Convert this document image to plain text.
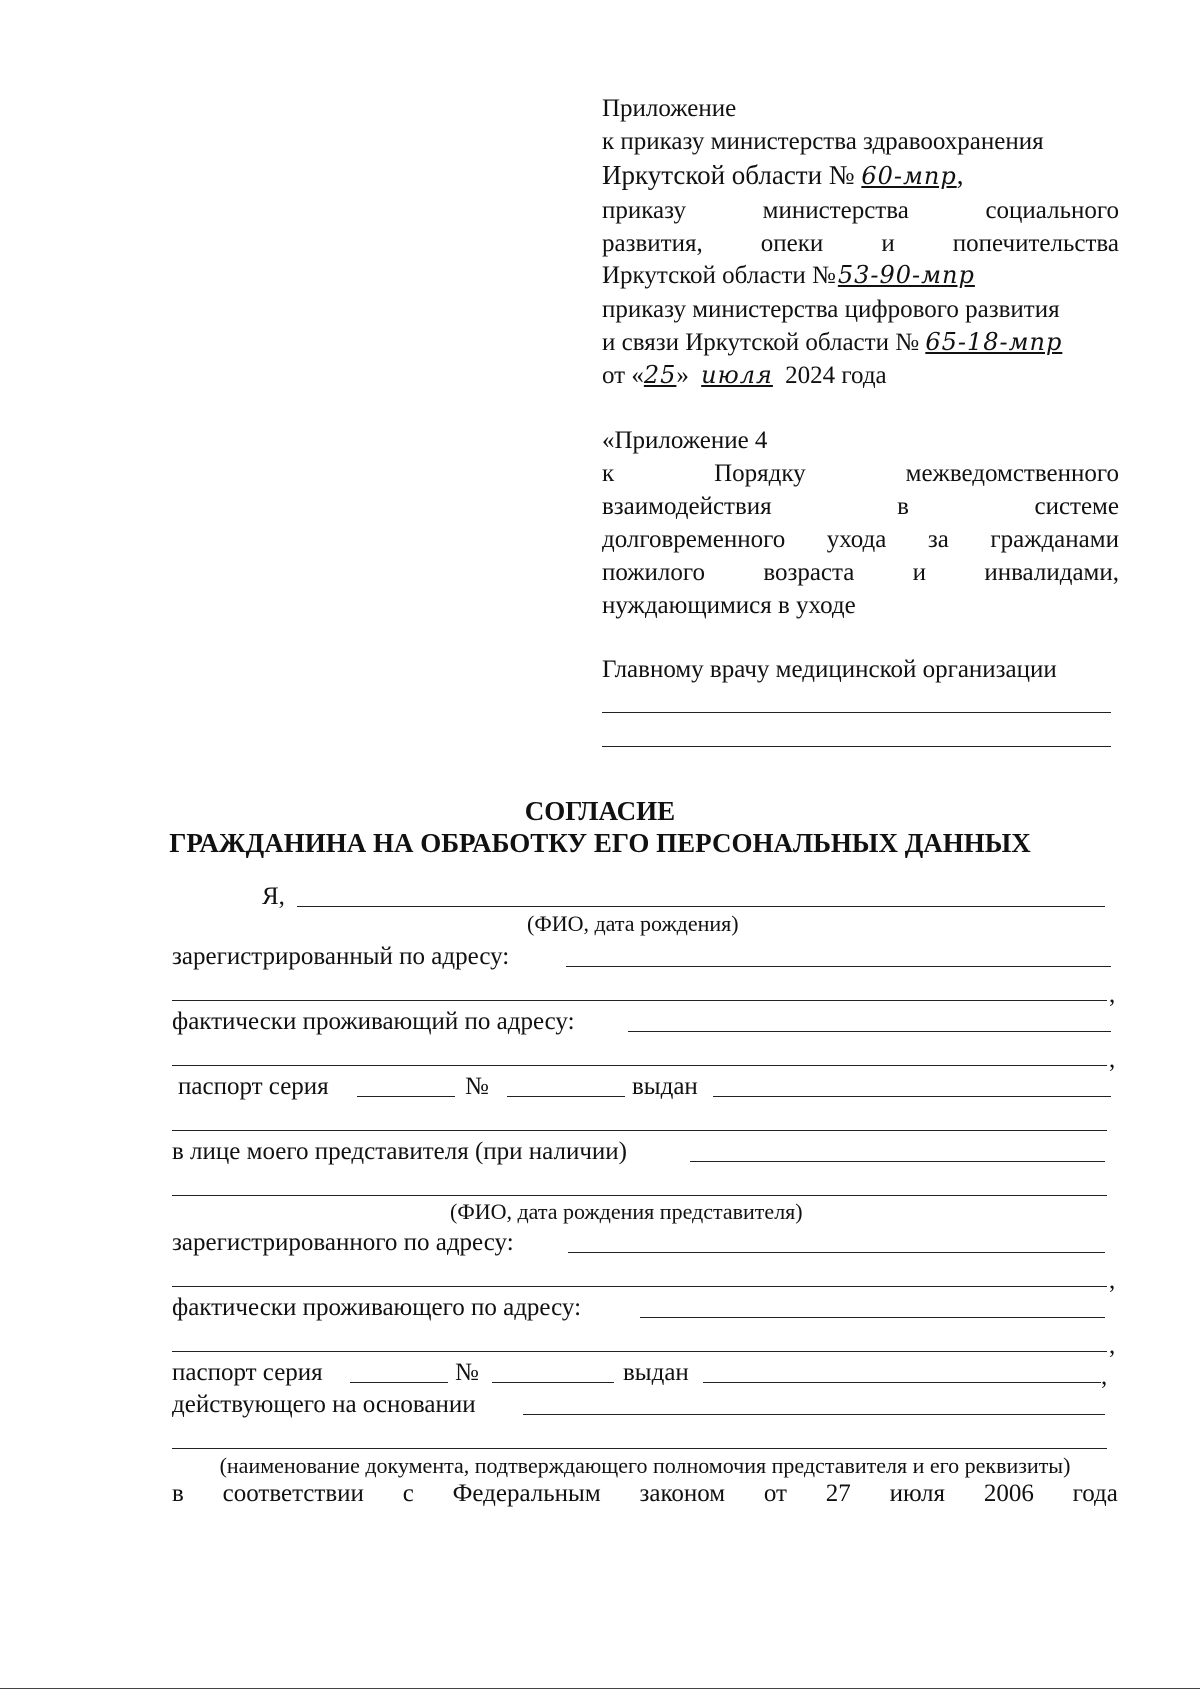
Приложение
к приказу министерства здравоохранения
Иркутской области № 60-мпр,
приказу	министерства	социального
развития, опеки и попечительства
Иркутской области №53-90-мпр
приказу министерства цифрового развития
и связи Иркутской области № 65-18-мпр
от «25» июля 2024 года
«Приложение 4
к	Порядку	межведомственного
взаимодействия	в	системе
долговременного ухода за гражданами
пожилого возраста и инвалидами,
нуждающимися в уходе
Главному врачу медицинской организации
СОГЛАСИЕ
ГРАЖДАНИНА НА ОБРАБОТКУ ЕГО ПЕРСОНАЛЬНЫХ ДАННЫХ
Я,
(ФИО, дата рождения)
зарегистрированный по адресу:
,
фактически проживающий по адресу:
,
паспорт серия	№	выдан
в лице моего представителя (при наличии)
(ФИО, дата рождения представителя)
зарегистрированного по адресу:
,
фактически проживающего по адресу:
,
паспорт серия	№	выдан	,
действующего на основании
(наименование документа, подтверждающего полномочия представителя и его реквизиты)
в соответствии с Федеральным законом от 27 июля 2006 года
